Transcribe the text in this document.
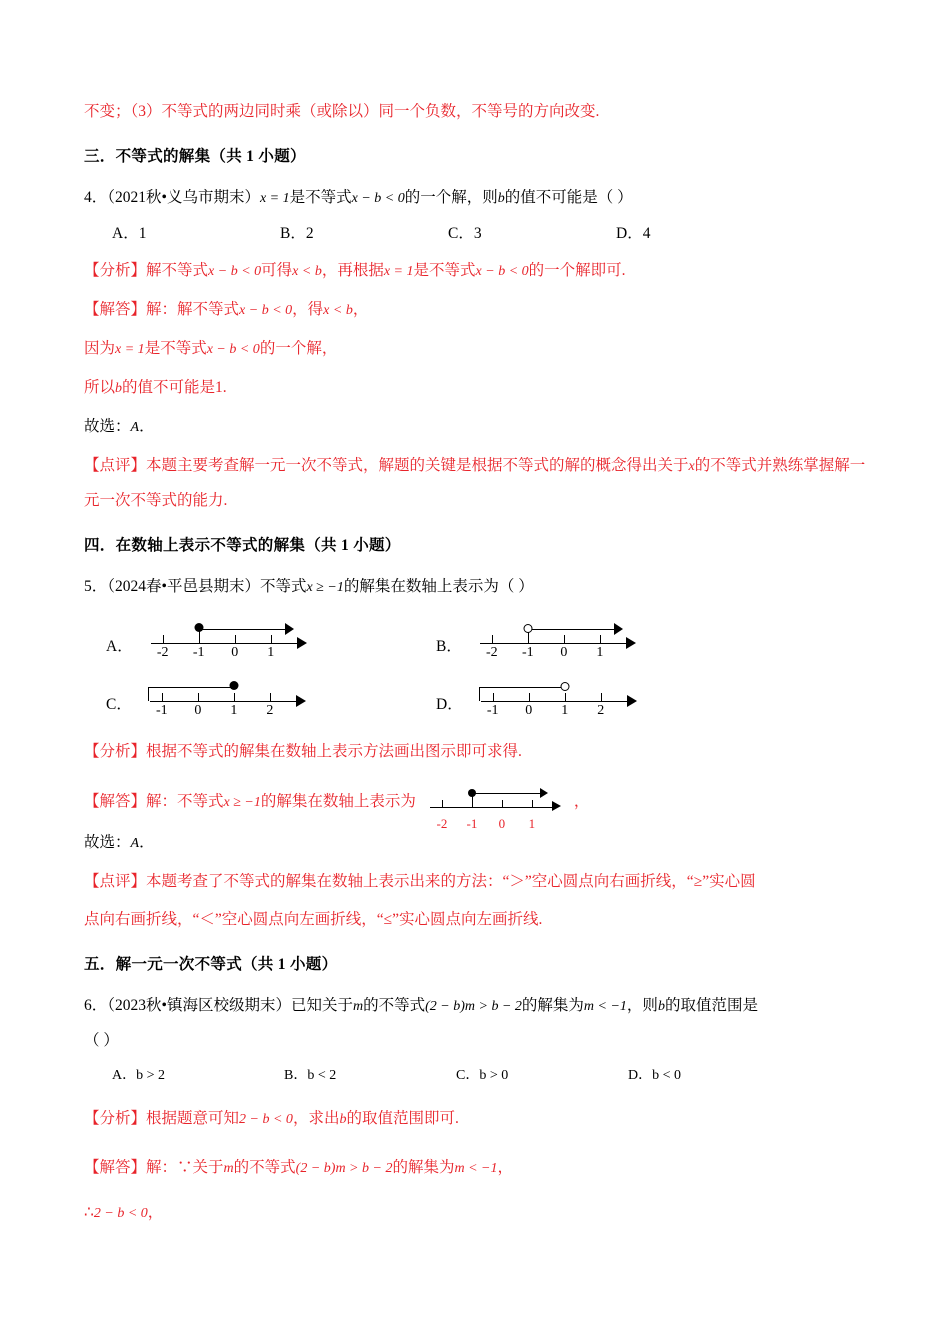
不变；（3）不等式的两边同时乘（或除以）同一个负数，不等号的方向改变.
三．不等式的解集（共 1 小题）
4．（2021秋•义乌市期末）x = 1是不等式x − b < 0的一个解，则b的值不可能是（ ）
A．1	B．2	C．3	D．4
【分析】解不等式x − b < 0可得x < b，再根据x = 1是不等式x − b < 0的一个解即可.
【解答】解：解不等式x − b < 0，得x < b，
因为x = 1是不等式x − b < 0的一个解，
所以b的值不可能是1.
故选：A．
【点评】本题主要考查解一元一次不等式，解题的关键是根据不等式的解的概念得出关于x的不等式并熟练掌握解一元一次不等式的能力.
四．在数轴上表示不等式的解集（共 1 小题）
5．（2024春•平邑县期末）不等式x ≥ −1的解集在数轴上表示为（ ）
A． -2 -1 0 1	B． -2 -1 0 1
C． -1 0 1 2	D． -1 0 1 2
【分析】根据不等式的解集在数轴上表示方法画出图示即可求得.
【解答】解：不等式x ≥ −1的解集在数轴上表示为
-2 -1 0 1
，
故选：A．
【点评】本题考查了不等式的解集在数轴上表示出来的方法：“＞”空心圆点向右画折线，“≥”实心圆
点向右画折线，“＜”空心圆点向左画折线，“≤”实心圆点向左画折线.
五．解一元一次不等式（共 1 小题）
6．（2023秋•镇海区校级期末）已知关于m的不等式(2 − b)m > b − 2的解集为m < −1，则b的取值范围是
（ ）
A．b > 2	B．b < 2	C．b > 0	D．b < 0
【分析】根据题意可知2 − b < 0，求出b的取值范围即可.
【解答】解：∵关于m的不等式(2 − b)m > b − 2的解集为m < −1，
∴2 − b < 0，
